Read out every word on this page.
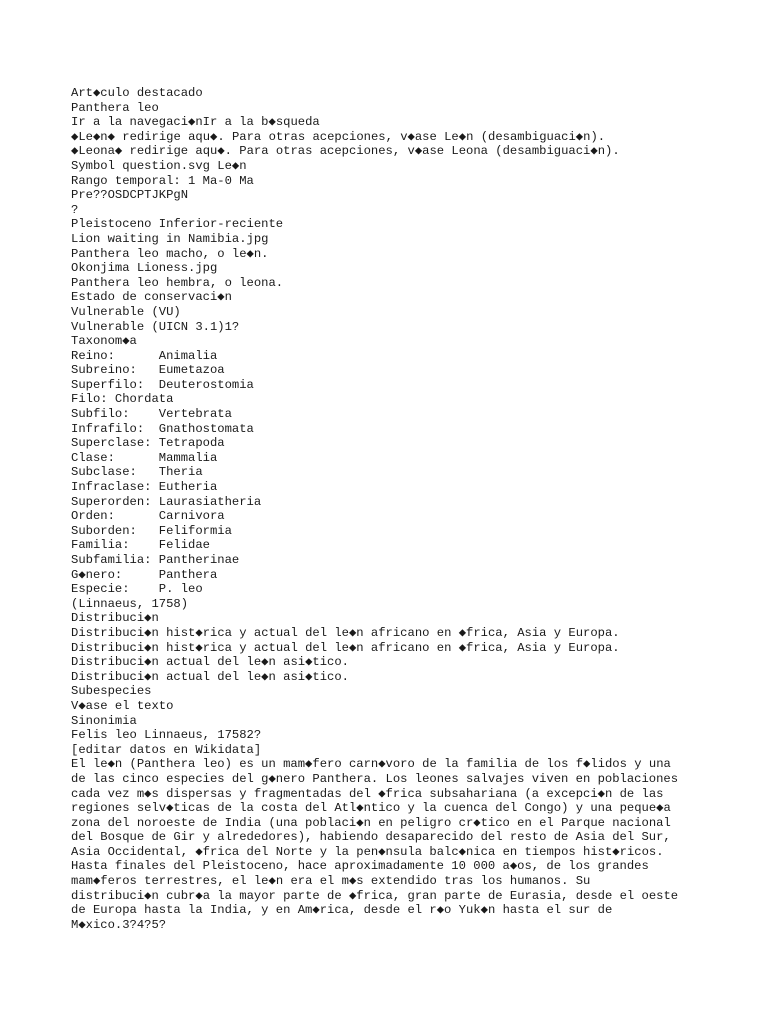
Art◆culo destacado
Panthera leo
Ir a la navegaci◆nIr a la b◆squeda
◆Le◆n◆ redirige aqu◆. Para otras acepciones, v◆ase Le◆n (desambiguaci◆n).
◆Leona◆ redirige aqu◆. Para otras acepciones, v◆ase Leona (desambiguaci◆n).
Symbol question.svg Le◆n
Rango temporal: 1 Ma-0 Ma
Pre??OSDCPTJKPgN
?
Pleistoceno Inferior-reciente
Lion waiting in Namibia.jpg
Panthera leo macho, o le◆n.
Okonjima Lioness.jpg
Panthera leo hembra, o leona.
Estado de conservaci◆n
Vulnerable (VU)
Vulnerable (UICN 3.1)1?
Taxonom◆a
Reino:      Animalia
Subreino:   Eumetazoa
Superfilo:  Deuterostomia
Filo: Chordata
Subfilo:    Vertebrata
Infrafilo:  Gnathostomata
Superclase: Tetrapoda
Clase:      Mammalia
Subclase:   Theria
Infraclase: Eutheria
Superorden: Laurasiatheria
Orden:      Carnivora
Suborden:   Feliformia
Familia:    Felidae
Subfamilia: Pantherinae
G◆nero:     Panthera
Especie:    P. leo
(Linnaeus, 1758)
Distribuci◆n
Distribuci◆n hist◆rica y actual del le◆n africano en ◆frica, Asia y Europa.
Distribuci◆n hist◆rica y actual del le◆n africano en ◆frica, Asia y Europa.
Distribuci◆n actual del le◆n asi◆tico.
Distribuci◆n actual del le◆n asi◆tico.
Subespecies
V◆ase el texto
Sinonimia
Felis leo Linnaeus, 17582?
[editar datos en Wikidata]
El le◆n (Panthera leo) es un mam◆fero carn◆voro de la familia de los f◆lidos y una
de las cinco especies del g◆nero Panthera. Los leones salvajes viven en poblaciones
cada vez m◆s dispersas y fragmentadas del ◆frica subsahariana (a excepci◆n de las
regiones selv◆ticas de la costa del Atl◆ntico y la cuenca del Congo) y una peque◆a
zona del noroeste de India (una poblaci◆n en peligro cr◆tico en el Parque nacional
del Bosque de Gir y alrededores), habiendo desaparecido del resto de Asia del Sur,
Asia Occidental, ◆frica del Norte y la pen◆nsula balc◆nica en tiempos hist◆ricos.
Hasta finales del Pleistoceno, hace aproximadamente 10 000 a◆os, de los grandes
mam◆feros terrestres, el le◆n era el m◆s extendido tras los humanos. Su
distribuci◆n cubr◆a la mayor parte de ◆frica, gran parte de Eurasia, desde el oeste
de Europa hasta la India, y en Am◆rica, desde el r◆o Yuk◆n hasta el sur de
M◆xico.3?4?5?
